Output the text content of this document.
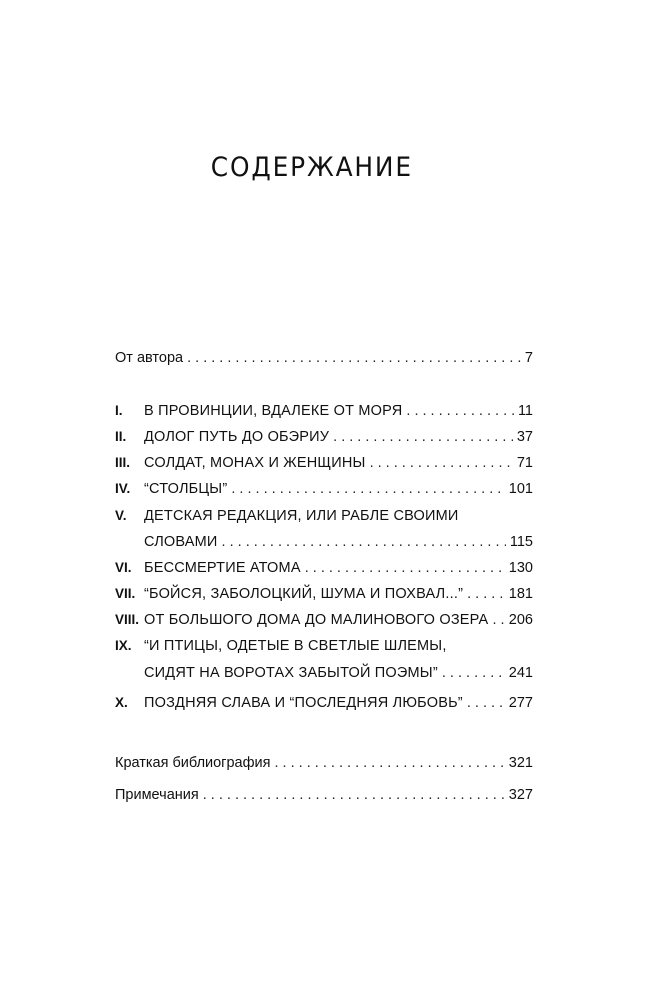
СОДЕРЖАНИЕ
От автора . . .	7
I.	В ПРОВИНЦИИ, ВДАЛЕКЕ ОТ МОРЯ . . .	11
II.	ДОЛОГ ПУТЬ ДО ОБЭРИУ . . .	37
III. СОЛДАТ, МОНАХ И ЖЕНЩИНЫ . . .	71
IV. “СТОЛБЦЫ” . . .	101
V.	ДЕТСКАЯ РЕДАКЦИЯ, ИЛИ РАБЛЕ СВОИМИ
СЛОВАМИ . . .	115
VI. БЕССМЕРТИЕ АТОМА . . .	130
VII. “БОЙСЯ, ЗАБОЛОЦКИЙ, ШУМА И ПОХВАЛ...” . . .	181
VIII. ОТ БОЛЬШОГО ДОМА ДО МАЛИНОВОГО ОЗЕРА . . . 206
IX. “И ПТИЦЫ, ОДЕТЫЕ В СВЕТЛЫЕ ШЛЕМЫ,
СИДЯТ НА ВОРОТАХ ЗАБЫТОЙ ПОЭМЫ” . . .	241
X.	ПОЗДНЯЯ СЛАВА И “ПОСЛЕДНЯЯ ЛЮБОВЬ” . . .	277
Краткая библиография . . .	321
Примечания . . .	327
